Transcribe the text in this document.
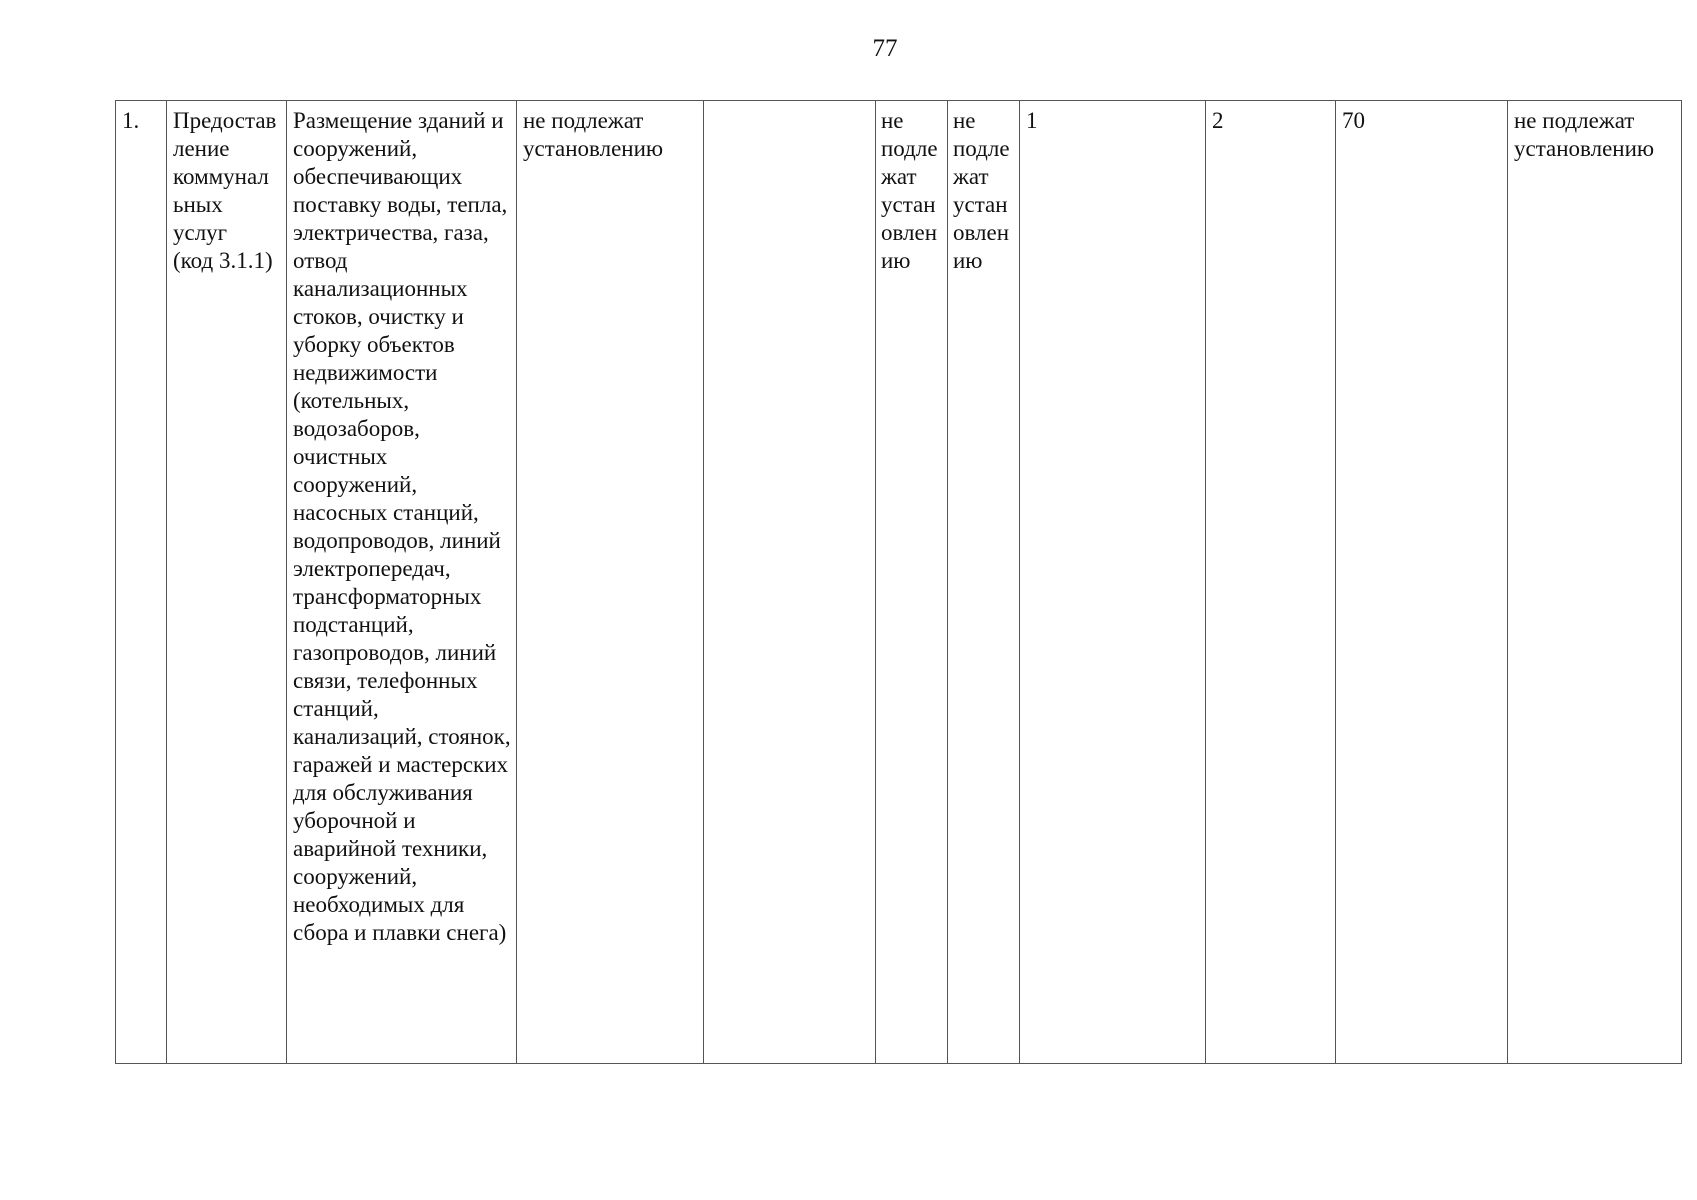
77
1.	Предостав
ление
коммунал
ьных
услуг
(код 3.1.1)	Размещение зданий и сооружений, обеспечивающих поставку воды, тепла, электричества, газа, отвод канализационных стоков, очистку и уборку объектов недвижимости (котельных, водозаборов, очистных сооружений, насосных станций, водопроводов, линий электропередач, трансформаторных подстанций, газопроводов, линий связи, телефонных станций, канализаций, стоянок, гаражей и мастерских для обслуживания уборочной и аварийной техники, сооружений, необходимых для сбора и плавки снега)	не подлежат установлению		не
подле
жат
устан
овлен
ию	не
подле
жат
устан
овлен
ию	1	2	70	не подлежат установлению
